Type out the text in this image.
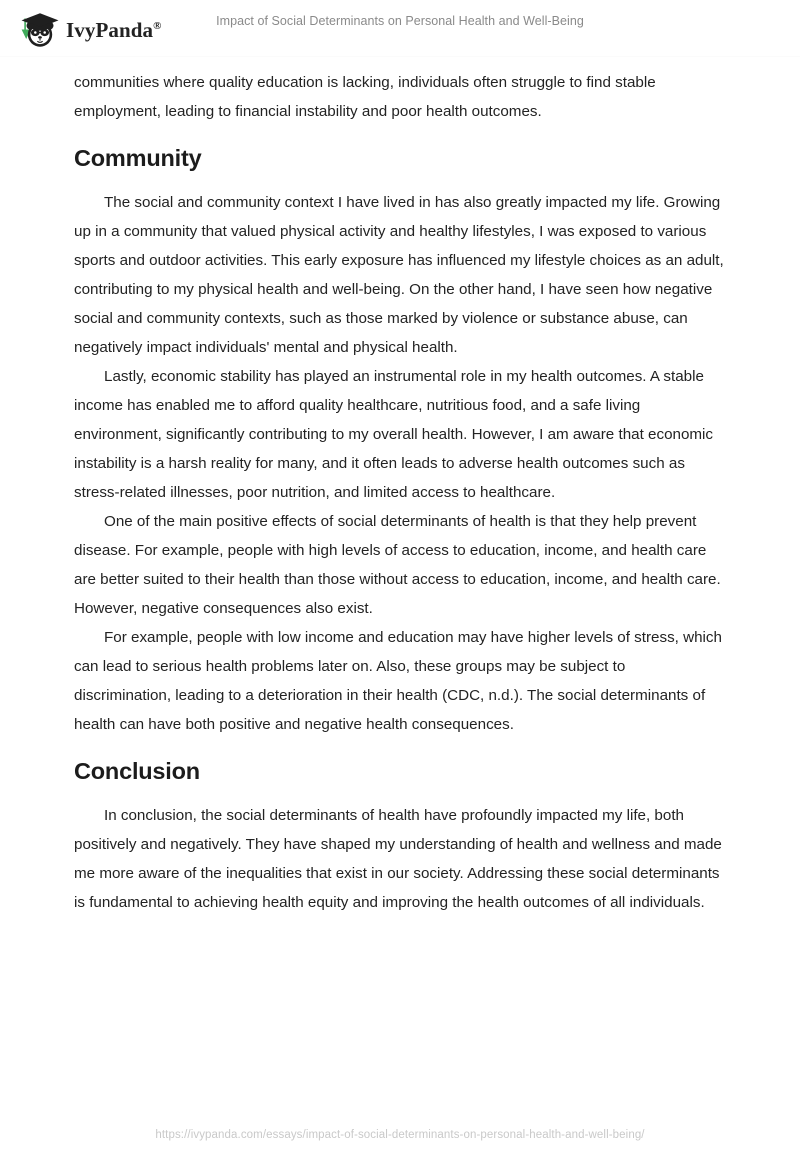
IvyPanda®	Impact of Social Determinants on Personal Health and Well-Being

communities where quality education is lacking, individuals often struggle to find stable employment, leading to financial instability and poor health outcomes.

Community

The social and community context I have lived in has also greatly impacted my life. Growing up in a community that valued physical activity and healthy lifestyles, I was exposed to various sports and outdoor activities. This early exposure has influenced my lifestyle choices as an adult, contributing to my physical health and well-being. On the other hand, I have seen how negative social and community contexts, such as those marked by violence or substance abuse, can negatively impact individuals' mental and physical health.

Lastly, economic stability has played an instrumental role in my health outcomes. A stable income has enabled me to afford quality healthcare, nutritious food, and a safe living environment, significantly contributing to my overall health. However, I am aware that economic instability is a harsh reality for many, and it often leads to adverse health outcomes such as stress-related illnesses, poor nutrition, and limited access to healthcare.

One of the main positive effects of social determinants of health is that they help prevent disease. For example, people with high levels of access to education, income, and health care are better suited to their health than those without access to education, income, and health care. However, negative consequences also exist.

For example, people with low income and education may have higher levels of stress, which can lead to serious health problems later on. Also, these groups may be subject to discrimination, leading to a deterioration in their health (CDC, n.d.). The social determinants of health can have both positive and negative health consequences.

Conclusion

In conclusion, the social determinants of health have profoundly impacted my life, both positively and negatively. They have shaped my understanding of health and wellness and made me more aware of the inequalities that exist in our society. Addressing these social determinants is fundamental to achieving health equity and improving the health outcomes of all individuals.

https://ivypanda.com/essays/impact-of-social-determinants-on-personal-health-and-well-being/
